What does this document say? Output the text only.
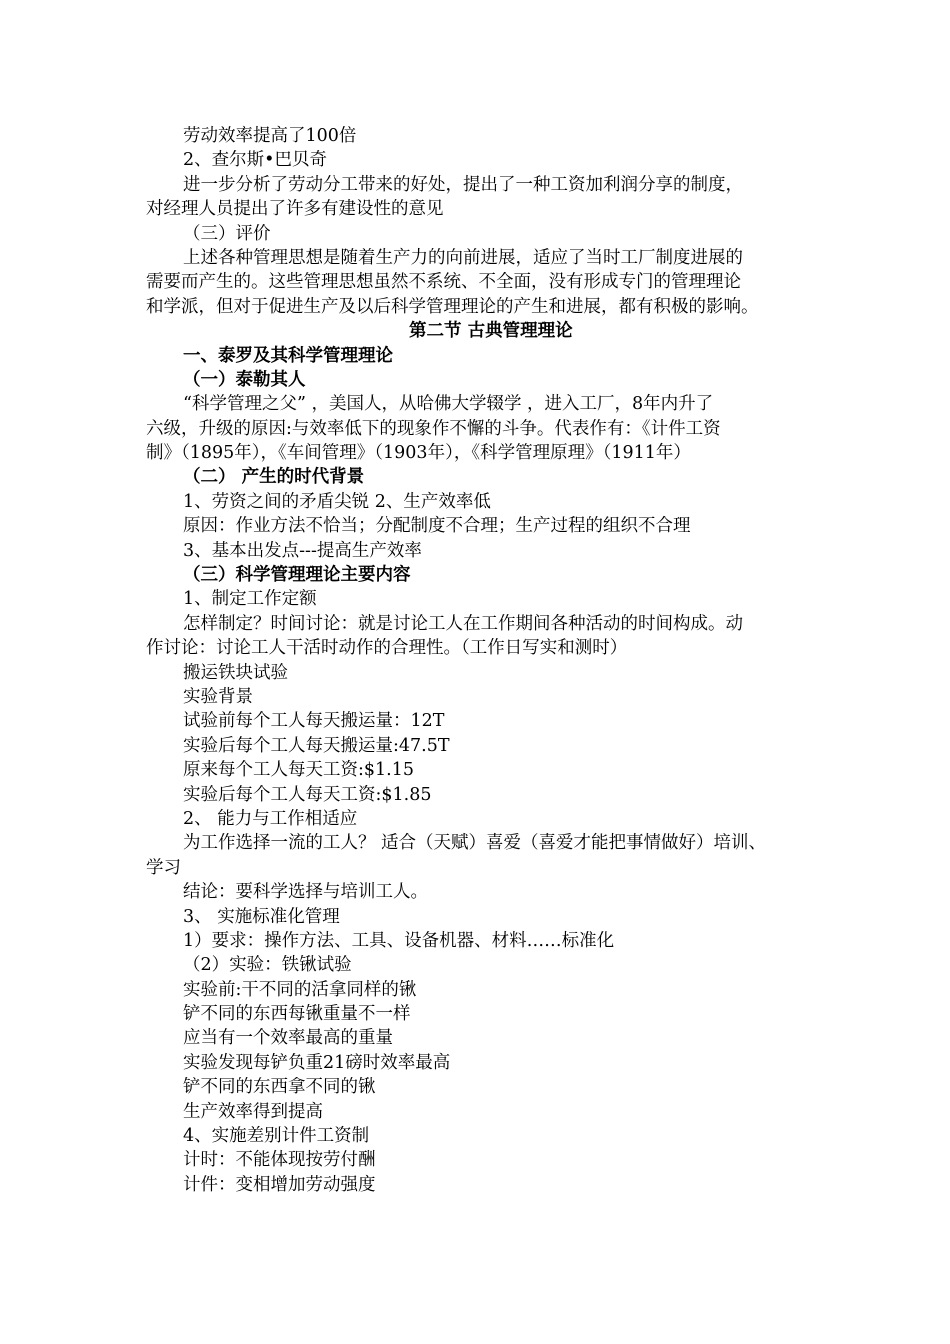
劳动效率提高了100倍
2、查尔斯•巴贝奇
进一步分析了劳动分工带来的好处，提出了一种工资加利润分享的制度，
对经理人员提出了许多有建设性的意见
（三）评价
上述各种管理思想是随着生产力的向前进展，适应了当时工厂制度进展的
需要而产生的。这些管理思想虽然不系统、不全面，没有形成专门的管理理论
和学派，但对于促进生产及以后科学管理理论的产生和进展，都有积极的影响。
第二节 古典管理理论
一、泰罗及其科学管理理论
（一）泰勒其人
“科学管理之父” ，美国人，从哈佛大学辍学 ，进入工厂，8年内升了
六级，升级的原因:与效率低下的现象作不懈的斗争。代表作有：《计件工资
制》（1895年），《车间管理》（1903年），《科学管理原理》（1911年）
（二） 产生的时代背景
1、劳资之间的矛盾尖锐 2、生产效率低
原因：作业方法不恰当；分配制度不合理；生产过程的组织不合理
3、基本出发点---提高生产效率
（三）科学管理理论主要内容
1、制定工作定额
怎样制定？时间讨论：就是讨论工人在工作期间各种活动的时间构成。动
作讨论：讨论工人干活时动作的合理性。（工作日写实和测时）
搬运铁块试验
实验背景
试验前每个工人每天搬运量：12T
实验后每个工人每天搬运量:47.5T
原来每个工人每天工资:$1.15
实验后每个工人每天工资:$1.85
2、 能力与工作相适应
为工作选择一流的工人？ 适合（天赋）喜爱（喜爱才能把事情做好）培训、
学习
结论：要科学选择与培训工人。
3、 实施标准化管理
1）要求：操作方法、工具、设备机器、材料……标准化
（2）实验：铁锹试验
实验前:干不同的活拿同样的锹
铲不同的东西每锹重量不一样
应当有一个效率最高的重量
实验发现每铲负重21磅时效率最高
铲不同的东西拿不同的锹
生产效率得到提高
4、实施差别计件工资制
计时：不能体现按劳付酬
计件：变相增加劳动强度
